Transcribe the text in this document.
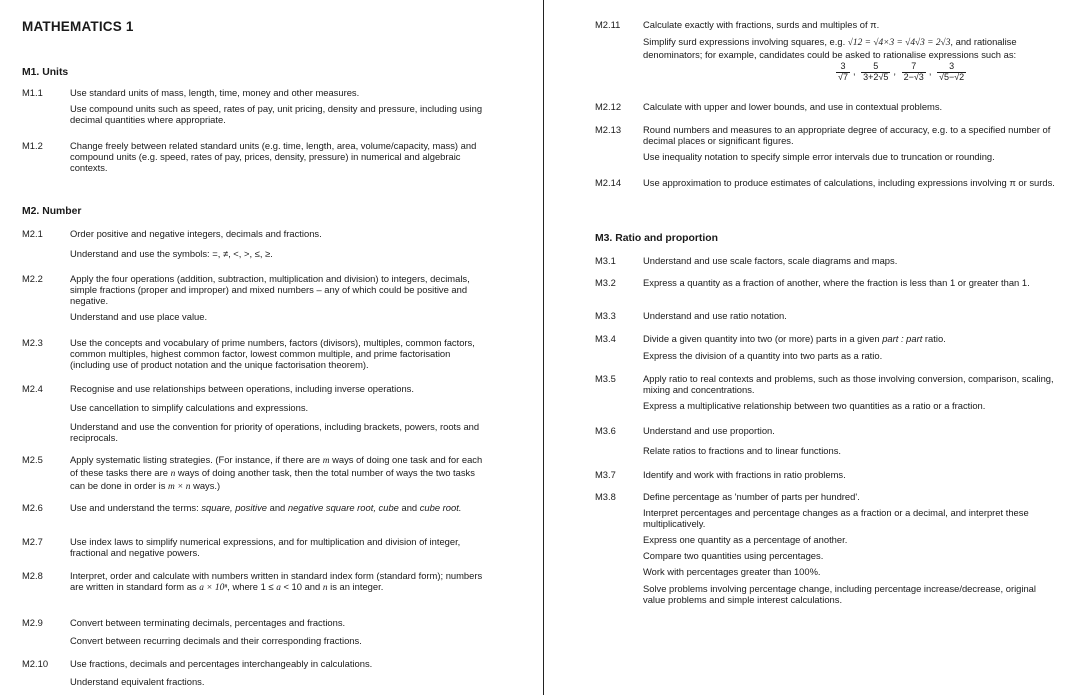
MATHEMATICS 1
M1. Units
M1.1	Use standard units of mass, length, time, money and other measures.

Use compound units such as speed, rates of pay, unit pricing, density and pressure, including using decimal quantities where appropriate.

M1.2	Change freely between related standard units (e.g. time, length, area, volume/capacity, mass) and compound units (e.g. speed, rates of pay, prices, density, pressure) in numerical and algebraic contexts.

M2. Number
M2.1	Order positive and negative integers, decimals and fractions.

Understand and use the symbols: =, ≠, <, >, ≤, ≥.

M2.2	Apply the four operations (addition, subtraction, multiplication and division) to integers, decimals, simple fractions (proper and improper) and mixed numbers – any of which could be positive and negative.

Understand and use place value.

M2.3	Use the concepts and vocabulary of prime numbers, factors (divisors), multiples, common factors, common multiples, highest common factor, lowest common multiple, and prime factorisation (including use of product notation and the unique factorisation theorem).

M2.4	Recognise and use relationships between operations, including inverse operations.

Use cancellation to simplify calculations and expressions.

Understand and use the convention for priority of operations, including brackets, powers, roots and reciprocals.

M2.5	Apply systematic listing strategies. (For instance, if there are m ways of doing one task and for each of these tasks there are n ways of doing another task, then the total number of ways the two tasks can be done in order is m × n ways.)

M2.6	Use and understand the terms: square, positive and negative square root, cube and cube root.

M2.7	Use index laws to simplify numerical expressions, and for multiplication and division of integer, fractional and negative powers.

M2.8	Interpret, order and calculate with numbers written in standard index form (standard form); numbers are written in standard form as a × 10ⁿ, where 1 ≤ a < 10 and n is an integer.

M2.9	Convert between terminating decimals, percentages and fractions.

Convert between recurring decimals and their corresponding fractions.

M2.10	Use fractions, decimals and percentages interchangeably in calculations.

Understand equivalent fractions.

M2.11	Calculate exactly with fractions, surds and multiples of π.

Simplify surd expressions involving squares, e.g. √12 = √4×3 = √4√3 = 2√3, and rationalise denominators; for example, candidates could be asked to rationalise expressions such as:

$\frac{3}{√7}$ , $\frac{5}{3+2√5}$ , $\frac{7}{2-√3}$ , $\frac{3}{√5-√2}$

M2.12	Calculate with upper and lower bounds, and use in contextual problems.

M2.13	Round numbers and measures to an appropriate degree of accuracy, e.g. to a specified number of decimal places or significant figures.

Use inequality notation to specify simple error intervals due to truncation or rounding.

M2.14	Use approximation to produce estimates of calculations, including expressions involving π or surds.

M3. Ratio and proportion
M3.1	Understand and use scale factors, scale diagrams and maps.

M3.2	Express a quantity as a fraction of another, where the fraction is less than 1 or greater than 1.

M3.3	Understand and use ratio notation.

M3.4	Divide a given quantity into two (or more) parts in a given part : part ratio.

Express the division of a quantity into two parts as a ratio.

M3.5	Apply ratio to real contexts and problems, such as those involving conversion, comparison, scaling, mixing and concentrations.

Express a multiplicative relationship between two quantities as a ratio or a fraction.

M3.6	Understand and use proportion.

Relate ratios to fractions and to linear functions.

M3.7	Identify and work with fractions in ratio problems.

M3.8	Define percentage as 'number of parts per hundred'.

Interpret percentages and percentage changes as a fraction or a decimal, and interpret these multiplicatively.

Express one quantity as a percentage of another.

Compare two quantities using percentages.

Work with percentages greater than 100%.

Solve problems involving percentage change, including percentage increase/decrease, original value problems and simple interest calculations.
